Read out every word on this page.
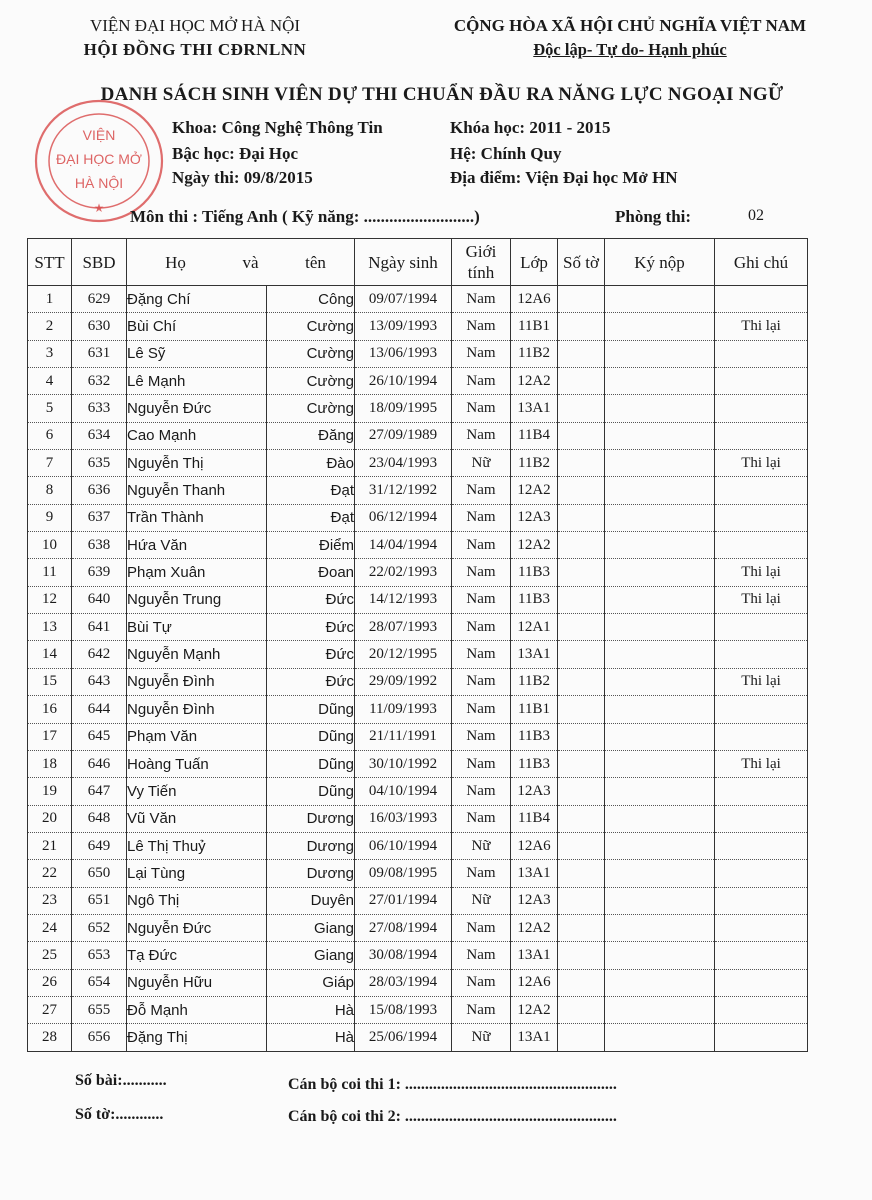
VIỆN ĐẠI HỌC MỞ HÀ NỘI
HỘI ĐỒNG THI CĐRNLNN
CỘNG HÒA XÃ HỘI CHỦ NGHĨA VIỆT NAM
Độc lập- Tự do- Hạnh phúc
DANH SÁCH SINH VIÊN DỰ THI CHUẨN ĐẦU RA NĂNG LỰC NGOẠI NGỮ
VIỆN
ĐẠI HỌC MỞ
HÀ NỘI
★
Khoa: Công Nghệ Thông Tin	Khóa học: 2011 - 2015
Bậc học: Đại Học	Hệ: Chính Quy
Ngày thi: 09/8/2015	Địa điểm: Viện Đại học Mở HN
Môn thi : Tiếng Anh ( Kỹ năng: ..........................)	Phòng thi:	02
STT	SBD	Họ và tên		Ngày sinh	Giới
tính	Lớp	Số tờ	Ký nộp	Ghi chú
1	629	Đặng Chí	Công	09/07/1994	Nam	12A6			
2	630	Bùi Chí	Cường	13/09/1993	Nam	11B1			Thi lại
3	631	Lê Sỹ	Cường	13/06/1993	Nam	11B2			
4	632	Lê Mạnh	Cường	26/10/1994	Nam	12A2			
5	633	Nguyễn Đức	Cường	18/09/1995	Nam	13A1			
6	634	Cao Mạnh	Đăng	27/09/1989	Nam	11B4			
7	635	Nguyễn Thị	Đào	23/04/1993	Nữ	11B2			Thi lại
8	636	Nguyễn Thanh	Đạt	31/12/1992	Nam	12A2			
9	637	Trần Thành	Đạt	06/12/1994	Nam	12A3			
10	638	Hứa Văn	Điểm	14/04/1994	Nam	12A2			
11	639	Phạm Xuân	Đoan	22/02/1993	Nam	11B3			Thi lại
12	640	Nguyễn Trung	Đức	14/12/1993	Nam	11B3			Thi lại
13	641	Bùi Tự	Đức	28/07/1993	Nam	12A1			
14	642	Nguyễn Mạnh	Đức	20/12/1995	Nam	13A1			
15	643	Nguyễn Đình	Đức	29/09/1992	Nam	11B2			Thi lại
16	644	Nguyễn Đình	Dũng	11/09/1993	Nam	11B1			
17	645	Phạm Văn	Dũng	21/11/1991	Nam	11B3			
18	646	Hoàng Tuấn	Dũng	30/10/1992	Nam	11B3			Thi lại
19	647	Vy Tiến	Dũng	04/10/1994	Nam	12A3			
20	648	Vũ Văn	Dương	16/03/1993	Nam	11B4			
21	649	Lê Thị Thuỷ	Dương	06/10/1994	Nữ	12A6			
22	650	Lại Tùng	Dương	09/08/1995	Nam	13A1			
23	651	Ngô Thị	Duyên	27/01/1994	Nữ	12A3			
24	652	Nguyễn Đức	Giang	27/08/1994	Nam	12A2			
25	653	Tạ Đức	Giang	30/08/1994	Nam	13A1			
26	654	Nguyễn Hữu	Giáp	28/03/1994	Nam	12A6			
27	655	Đỗ Mạnh	Hà	15/08/1993	Nam	12A2			
28	656	Đặng Thị	Hà	25/06/1994	Nữ	13A1			
Số bài:...........	Cán bộ coi thi 1: .....................................................
Số tờ:............	Cán bộ coi thi 2: .....................................................
